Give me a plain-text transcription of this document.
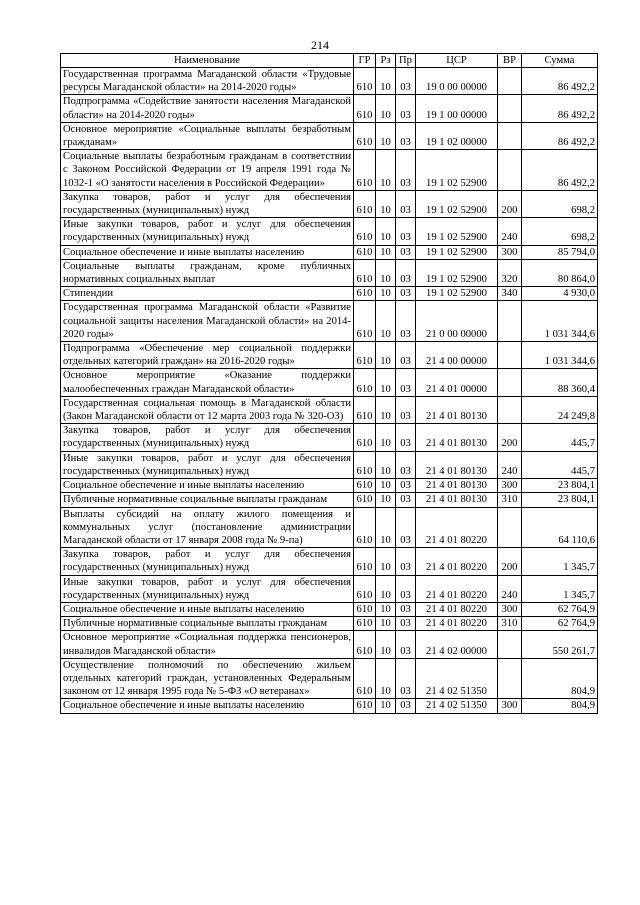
214
Наименование	ГР	Рз	Пр	ЦСР	ВР	Сумма
Государственная программа Магаданской области «Трудовые ресурсы Магаданской области» на 2014-2020 годы»	610	10	03	19 0 00 00000		86 492,2
Подпрограмма «Содействие занятости населения Магаданской области» на 2014-2020 годы»	610	10	03	19 1 00 00000		86 492,2
Основное мероприятие «Социальные выплаты безработным гражданам»	610	10	03	19 1 02 00000		86 492,2
Социальные выплаты безработным гражданам в соответствии с Законом Российской Федерации от 19 апреля 1991 года № 1032-1 «О занятости населения в Российской Федерации»	610	10	03	19 1 02 52900		86 492,2
Закупка товаров, работ и услуг для обеспечения государственных (муниципальных) нужд	610	10	03	19 1 02 52900	200	698,2
Иные закупки товаров, работ и услуг для обеспечения государственных (муниципальных) нужд	610	10	03	19 1 02 52900	240	698,2
Социальное обеспечение и иные выплаты населению	610	10	03	19 1 02 52900	300	85 794,0
Социальные выплаты гражданам, кроме публичных нормативных социальных выплат	610	10	03	19 1 02 52900	320	80 864,0
Стипендии	610	10	03	19 1 02 52900	340	4 930,0
Государственная программа Магаданской области «Развитие социальной защиты населения Магаданской области» на 2014-2020 годы»	610	10	03	21 0 00 00000		1 031 344,6
Подпрограмма «Обеспечение мер социальной поддержки отдельных категорий граждан» на 2016-2020 годы»	610	10	03	21 4 00 00000		1 031 344,6
Основное мероприятие «Оказание поддержки малообеспеченных граждан Магаданской области»	610	10	03	21 4 01 00000		88 360,4
Государственная социальная помощь в Магаданской области (Закон Магаданской области от 12 марта 2003 года № 320-ОЗ)	610	10	03	21 4 01 80130		24 249,8
Закупка товаров, работ и услуг для обеспечения государственных (муниципальных) нужд	610	10	03	21 4 01 80130	200	445,7
Иные закупки товаров, работ и услуг для обеспечения государственных (муниципальных) нужд	610	10	03	21 4 01 80130	240	445,7
Социальное обеспечение и иные выплаты населению	610	10	03	21 4 01 80130	300	23 804,1
Публичные нормативные социальные выплаты гражданам	610	10	03	21 4 01 80130	310	23 804,1
Выплаты субсидий на оплату жилого помещения и коммунальных услуг (постановление администрации Магаданской области от 17 января 2008 года № 9-па)	610	10	03	21 4 01 80220		64 110,6
Закупка товаров, работ и услуг для обеспечения государственных (муниципальных) нужд	610	10	03	21 4 01 80220	200	1 345,7
Иные закупки товаров, работ и услуг для обеспечения государственных (муниципальных) нужд	610	10	03	21 4 01 80220	240	1 345,7
Социальное обеспечение и иные выплаты населению	610	10	03	21 4 01 80220	300	62 764,9
Публичные нормативные социальные выплаты гражданам	610	10	03	21 4 01 80220	310	62 764,9
Основное мероприятие «Социальная поддержка пенсионеров, инвалидов Магаданской области»	610	10	03	21 4 02 00000		550 261,7
Осуществление полномочий по обеспечению жильем отдельных категорий граждан, установленных Федеральным законом от 12 января 1995 года № 5-ФЗ «О ветеранах»	610	10	03	21 4 02 51350		804,9
Социальное обеспечение и иные выплаты населению	610	10	03	21 4 02 51350	300	804,9
